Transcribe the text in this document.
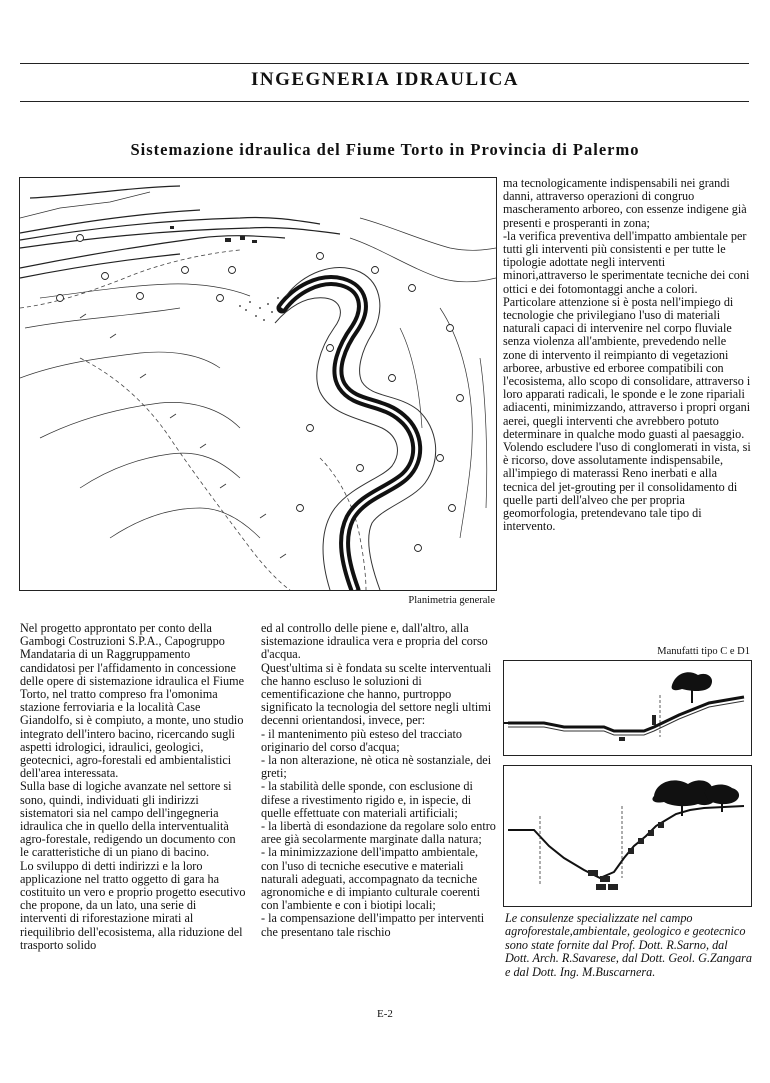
INGEGNERIA IDRAULICA
Sistemazione idraulica del Fiume Torto in Provincia di Palermo
Planimetria generale

ma tecnologicamente indispensabili nei grandi danni, attraverso operazioni di congruo mascheramento arboreo, con essenze indigene già presenti e prosperanti in zona;

-la verifica preventiva dell'impatto ambientale per tutti gli interventi più consistenti e per tutte le tipologie adottate negli interventi minori,attraverso le sperimentate tecniche dei coni ottici e dei fotomontaggi anche a colori.

Particolare attenzione si è posta nell'impiego di tecnologie che privilegiano l'uso di materiali naturali capaci di intervenire nel corpo fluviale senza violenza all'ambiente, prevedendo nelle zone di intervento il reimpianto di vegetazioni arboree, arbustive ed erboree compatibili con l'ecosistema, allo scopo di consolidare, attraverso i loro apparati radicali, le sponde e le zone ripariali adiacenti, minimizzando, attraverso i propri organi aerei, quegli interventi che avrebbero potuto determinare in qualche modo guasti al paesaggio.

Volendo escludere l'uso di conglomerati in vista, si è ricorso, dove assolutamente indispensabile, all'impiego di materassi Reno inerbati e alla tecnica del jet-grouting per il consolidamento di quelle parti dell'alveo che per propria geomorfologia, pretendevano tale tipo di intervento.

Manufatti tipo C e D1
Le consulenze specializzate nel campo agroforestale,ambientale, geologico e geotecnico sono state fornite dal Prof. Dott. R.Sarno, dal Dott. Arch. R.Savarese, dal Dott. Geol. G.Zangara e dal Dott. Ing. M.Buscarnera.

Nel progetto approntato per conto della Gambogi Costruzioni S.P.A., Capogruppo Mandataria di un Raggruppamento candidatosi per l'affidamento in concessione delle opere di sistemazione idraulica el Fiume Torto, nel tratto compreso fra l'omonima stazione ferroviaria e la località Case Giandolfo, si è compiuto, a monte, uno studio integrato dell'intero bacino, ricercando sugli aspetti idrologici, idraulici, geologici, geotecnici, agro-forestali ed ambientalistici dell'area interessata.

Sulla base di logiche avanzate nel settore si sono, quindi, individuati gli indirizzi sistematori sia nel campo dell'ingegneria idraulica che in quello della interventualità agro-forestale, redigendo un documento con le caratteristiche di un piano di bacino.

Lo sviluppo di detti indirizzi e la loro applicazione nel tratto oggetto di gara ha costituito un vero e proprio progetto esecutivo che propone, da un lato, una serie di interventi di riforestazione mirati al riequilibrio dell'ecosistema, alla riduzione del trasporto solido

ed al controllo delle piene e, dall'altro, alla sistemazione idraulica vera e propria del corso d'acqua.

Quest'ultima si è fondata su scelte interventuali che hanno escluso le soluzioni di cementificazione che hanno, purtroppo significato la tecnologia del settore negli ultimi decenni orientandosi, invece, per:

- il mantenimento più esteso del tracciato originario del corso d'acqua;

- la non alterazione, nè otica nè sostanziale, dei greti;

- la stabilità delle sponde, con esclusione di difese a rivestimento rigido e, in ispecie, di quelle effettuate con materiali artificiali;

- la libertà di esondazione da regolare solo entro aree già secolarmente marginate dalla natura;

- la minimizzazione dell'impatto ambientale, con l'uso di tecniche esecutive e materiali naturali adeguati, accompagnato da tecniche agronomiche e di impianto culturale coerenti con l'ambiente e con i biotipi locali;

- la compensazione dell'impatto per interventi che presentano tale rischio

E-2
